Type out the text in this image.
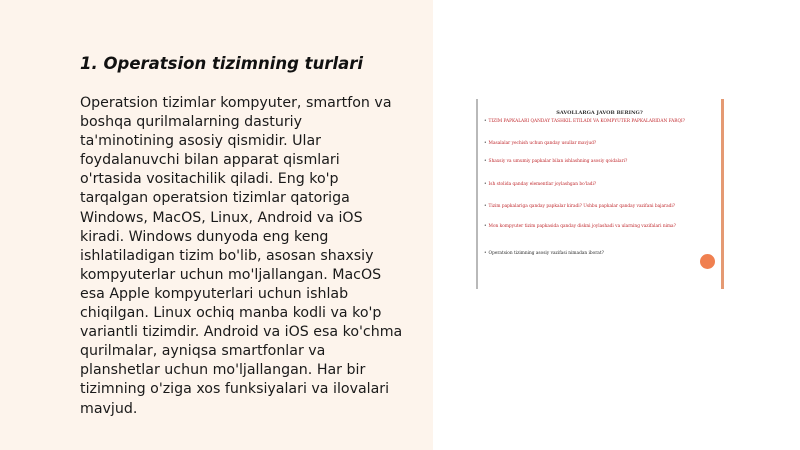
1. Operatsion tizimning turlari

Operatsion tizimlar kompyuter, smartfon va
boshqa qurilmalarning dasturiy
ta'minotining asosiy qismidir. Ular
foydalanuvchi bilan apparat qismlari
o'rtasida vositachilik qiladi. Eng ko'p
tarqalgan operatsion tizimlar qatoriga
Windows, MacOS, Linux, Android va iOS
kiradi. Windows dunyoda eng keng
ishlatiladigan tizim bo'lib, asosan shaxsiy
kompyuterlar uchun mo'ljallangan. MacOS
esa Apple kompyuterlari uchun ishlab
chiqilgan. Linux ochiq manba kodli va ko'p
variantli tizimdir. Android va iOS esa ko'chma
qurilmalar, ayniqsa smartfonlar va
planshetlar uchun mo'ljallangan. Har bir
tizimning o'ziga xos funksiyalari va ilovalari
mavjud.

SAVOLLARGA JAVOB BERING?
• TIZIM PAPKALARI QANDAY TASHKIL ETILADI VA KOMPYUTER PAPKALARIDAN FARQI?
• Masalalar yechish uchun qanday usullar mavjud?
• Shaxsiy va umumiy papkalar bilan ishlashning asosiy qoidalari?
• Ish stolida qanday elementlar joylashgan bo'ladi?
• Tizim papkalariga qanday papkalar kiradi? Ushbu papkalar qanday vazifani bajaradi?
• Mon kompyuter tizim papkasida qanday diskni joylashadi va ularning vazifalari nima?
• Operatsion tizimning asosiy vazifasi nimadan iborat?
